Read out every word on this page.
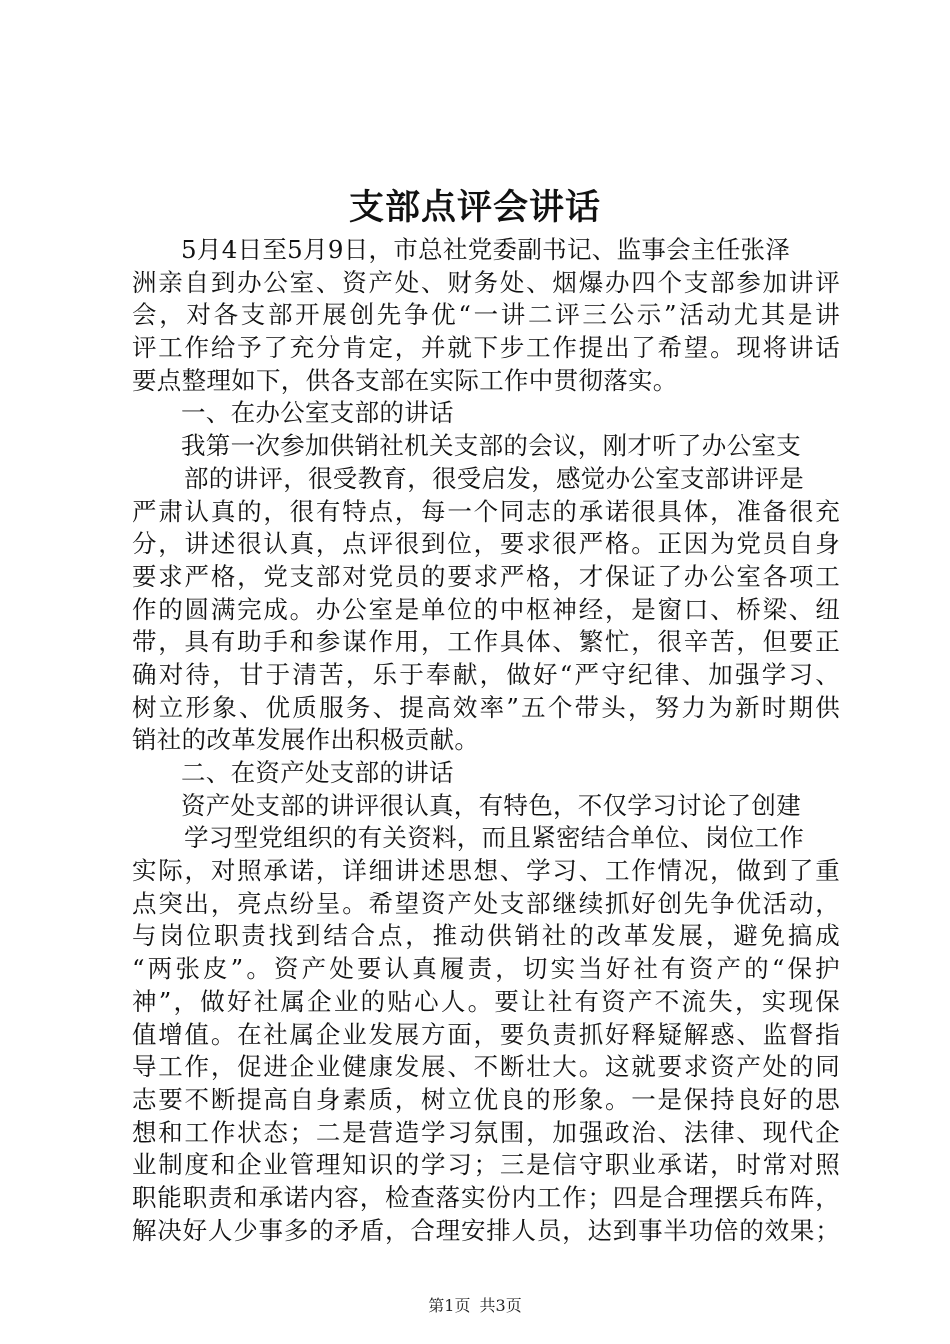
支部点评会讲话
5月4日至5月9日，市总社党委副书记、监事会主任张泽
洲亲自到办公室、资产处、财务处、烟爆办四个支部参加讲评
会，对各支部开展创先争优“一讲二评三公示”活动尤其是讲
评工作给予了充分肯定，并就下步工作提出了希望。现将讲话
要点整理如下，供各支部在实际工作中贯彻落实。
一、在办公室支部的讲话
我第一次参加供销社机关支部的会议，刚才听了办公室支
部的讲评，很受教育，很受启发，感觉办公室支部讲评是
严肃认真的，很有特点，每一个同志的承诺很具体，准备很充
分，讲述很认真，点评很到位，要求很严格。正因为党员自身
要求严格，党支部对党员的要求严格，才保证了办公室各项工
作的圆满完成。办公室是单位的中枢神经，是窗口、桥梁、纽
带，具有助手和参谋作用，工作具体、繁忙，很辛苦，但要正
确对待，甘于清苦，乐于奉献，做好“严守纪律、加强学习、
树立形象、优质服务、提高效率”五个带头，努力为新时期供
销社的改革发展作出积极贡献。
二、在资产处支部的讲话
资产处支部的讲评很认真，有特色，不仅学习讨论了创建
学习型党组织的有关资料，而且紧密结合单位、岗位工作
实际，对照承诺，详细讲述思想、学习、工作情况，做到了重
点突出，亮点纷呈。希望资产处支部继续抓好创先争优活动，
与岗位职责找到结合点，推动供销社的改革发展，避免搞成
“两张皮”。资产处要认真履责，切实当好社有资产的“保护
神”，做好社属企业的贴心人。要让社有资产不流失，实现保
值增值。在社属企业发展方面，要负责抓好释疑解惑、监督指
导工作，促进企业健康发展、不断壮大。这就要求资产处的同
志要不断提高自身素质，树立优良的形象。一是保持良好的思
想和工作状态；二是营造学习氛围，加强政治、法律、现代企
业制度和企业管理知识的学习；三是信守职业承诺，时常对照
职能职责和承诺内容，检查落实份内工作；四是合理摆兵布阵，
解决好人少事多的矛盾，合理安排人员，达到事半功倍的效果；
第1页 共3页
